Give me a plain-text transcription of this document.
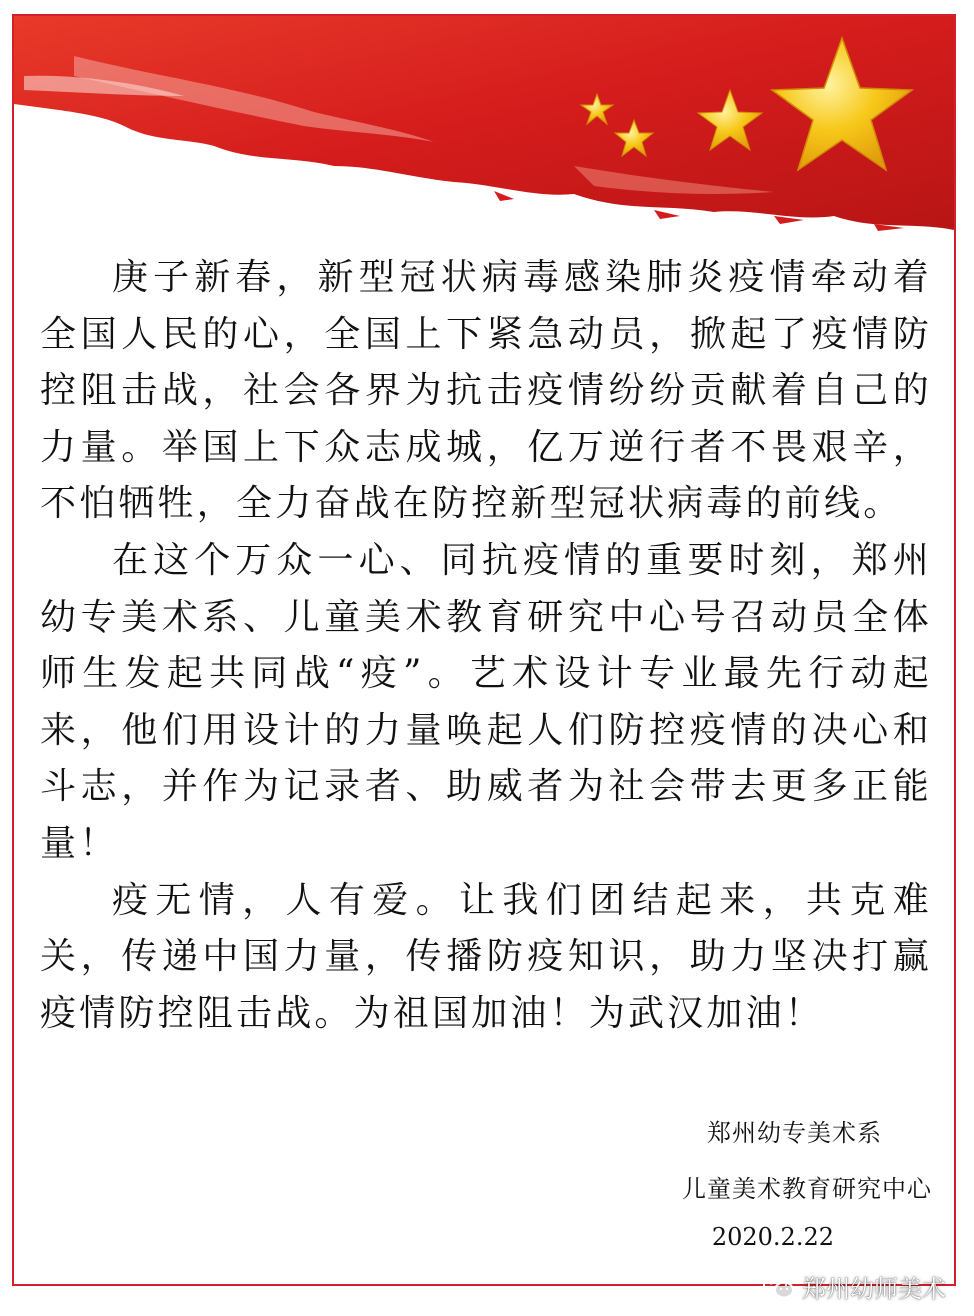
庚子新春，新型冠状病毒感染肺炎疫情牵动着全国人民的心，全国上下紧急动员，掀起了疫情防控阻击战，社会各界为抗击疫情纷纷贡献着自己的力量。举国上下众志成城，亿万逆行者不畏艰辛，不怕牺牲，全力奋战在防控新型冠状病毒的前线。

在这个万众一心、同抗疫情的重要时刻，郑州幼专美术系、儿童美术教育研究中心号召动员全体师生发起共同战“疫”。艺术设计专业最先行动起来，他们用设计的力量唤起人们防控疫情的决心和斗志，并作为记录者、助威者为社会带去更多正能量！

疫无情，人有爱。让我们团结起来，共克难关，传递中国力量，传播防疫知识，助力坚决打赢疫情防控阻击战。为祖国加油！为武汉加油！

郑州幼专美术系
儿童美术教育研究中心
2020.2.22
郑州幼师美术
